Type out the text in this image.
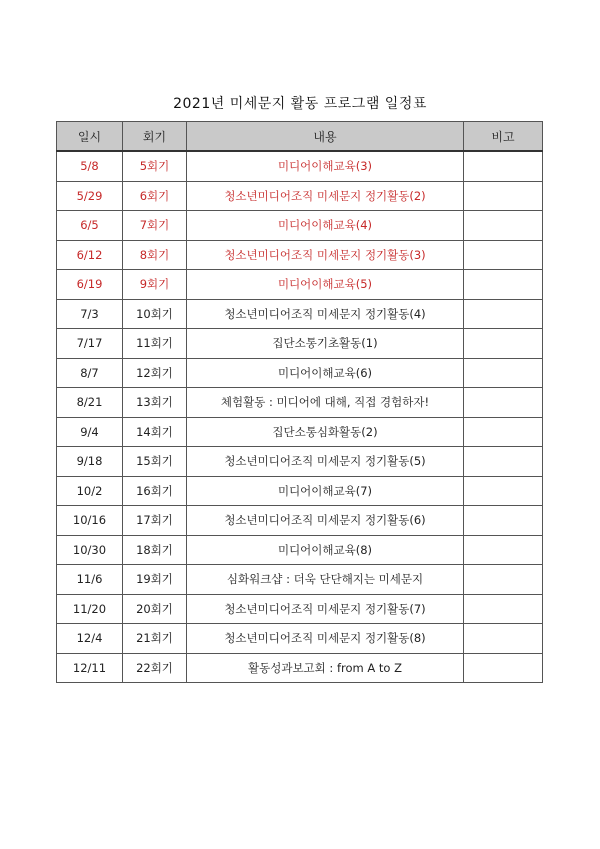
2021년 미세문지 활동 프로그램 일정표
일시	회기	내용	비고
5/8	5회기	미디어이해교육(3)	
5/29	6회기	청소년미디어조직 미세문지 정기활동(2)	
6/5	7회기	미디어이해교육(4)	
6/12	8회기	청소년미디어조직 미세문지 정기활동(3)	
6/19	9회기	미디어이해교육(5)	
7/3	10회기	청소년미디어조직 미세문지 정기활동(4)	
7/17	11회기	집단소통기초활동(1)	
8/7	12회기	미디어이해교육(6)	
8/21	13회기	체험활동 : 미디어에 대해, 직접 경험하자!	
9/4	14회기	집단소통심화활동(2)	
9/18	15회기	청소년미디어조직 미세문지 정기활동(5)	
10/2	16회기	미디어이해교육(7)	
10/16	17회기	청소년미디어조직 미세문지 정기활동(6)	
10/30	18회기	미디어이해교육(8)	
11/6	19회기	심화워크샵 : 더욱 단단해지는 미세문지	
11/20	20회기	청소년미디어조직 미세문지 정기활동(7)	
12/4	21회기	청소년미디어조직 미세문지 정기활동(8)	
12/11	22회기	활동성과보고회 : from A to Z	
